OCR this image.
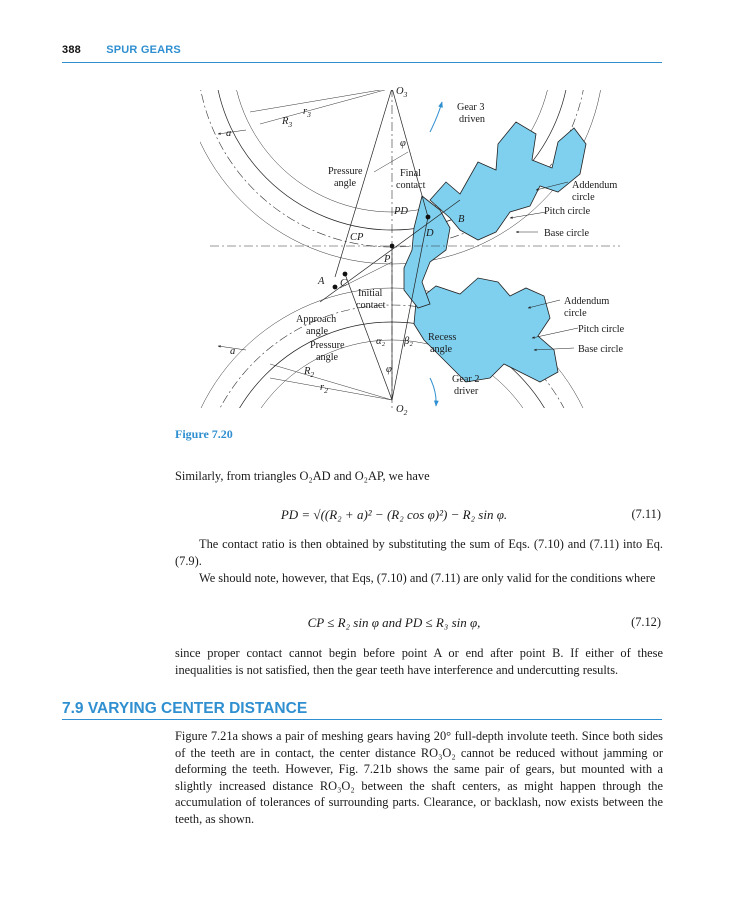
388 SPUR GEARS
$O_3$
$O_2$
$r_3$
$R_3$
$R_2$
$r_2$
a
a
Gear 3
driven
Gear 2
driver
φ
φ
Pressure
angle
Final
contact
PD
CP
B
D
P
A C
Initial
contact
Approach
angle
Pressure
angle
α₂ β₂ Recess
angle
Addendum
circle
Pitch circle
Base circle
Addendum
circle
Pitch circle
Base circle
Figure 7.20
Similarly, from triangles O₂AD and O₂AP, we have
PD = √((R₂ + a)² − (R₂ cos φ)²) − R₂ sin φ.	(7.11)
The contact ratio is then obtained by substituting the sum of Eqs. (7.10) and (7.11) into Eq. (7.9).
We should note, however, that Eqs, (7.10) and (7.11) are only valid for the conditions where
CP ≤ R₂ sin φ and PD ≤ R₃ sin φ,	(7.12)
since proper contact cannot begin before point A or end after point B. If either of these inequalities is not satisfied, then the gear teeth have interference and undercutting results.
7.9 VARYING CENTER DISTANCE
Figure 7.21a shows a pair of meshing gears having 20° full-depth involute teeth. Since both sides of the teeth are in contact, the center distance RO₃O₂ cannot be reduced without jamming or deforming the teeth. However, Fig. 7.21b shows the same pair of gears, but mounted with a slightly increased distance RO₃O₂ between the shaft centers, as might happen through the accumulation of tolerances of surrounding parts. Clearance, or backlash, now exists between the teeth, as shown.
